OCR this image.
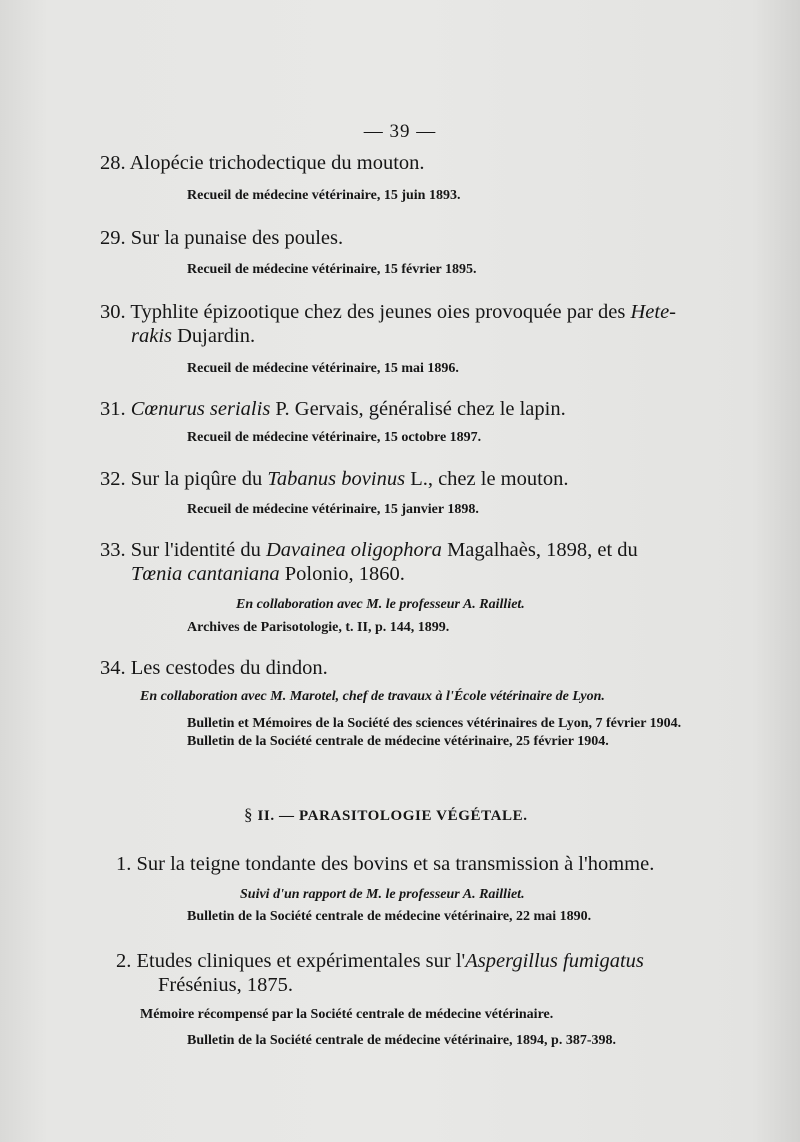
— 39 —
28. Alopécie trichodectique du mouton.
Recueil de médecine vétérinaire, 15 juin 1893.
29. Sur la punaise des poules.
Recueil de médecine vétérinaire, 15 février 1895.
30. Typhlite épizootique chez des jeunes oies provoquée par des Hete-
rakis Dujardin.
Recueil de médecine vétérinaire, 15 mai 1896.
31. Cœnurus serialis P. Gervais, généralisé chez le lapin.
Recueil de médecine vétérinaire, 15 octobre 1897.
32. Sur la piqûre du Tabanus bovinus L., chez le mouton.
Recueil de médecine vétérinaire, 15 janvier 1898.
33. Sur l'identité du Davainea oligophora Magalhaès, 1898, et du
Tœnia cantaniana Polonio, 1860.
En collaboration avec M. le professeur A. Railliet.
Archives de Parisotologie, t. II, p. 144, 1899.
34. Les cestodes du dindon.
En collaboration avec M. Marotel, chef de travaux à l'École vétérinaire de Lyon.
Bulletin et Mémoires de la Société des sciences vétérinaires de Lyon, 7 février 1904.
Bulletin de la Société centrale de médecine vétérinaire, 25 février 1904.
§ II. — PARASITOLOGIE VÉGÉTALE.
1. Sur la teigne tondante des bovins et sa transmission à l'homme.
Suivi d'un rapport de M. le professeur A. Railliet.
Bulletin de la Société centrale de médecine vétérinaire, 22 mai 1890.
2. Etudes cliniques et expérimentales sur l'Aspergillus fumigatus
Frésénius, 1875.
Mémoire récompensé par la Société centrale de médecine vétérinaire.
Bulletin de la Société centrale de médecine vétérinaire, 1894, p. 387-398.
